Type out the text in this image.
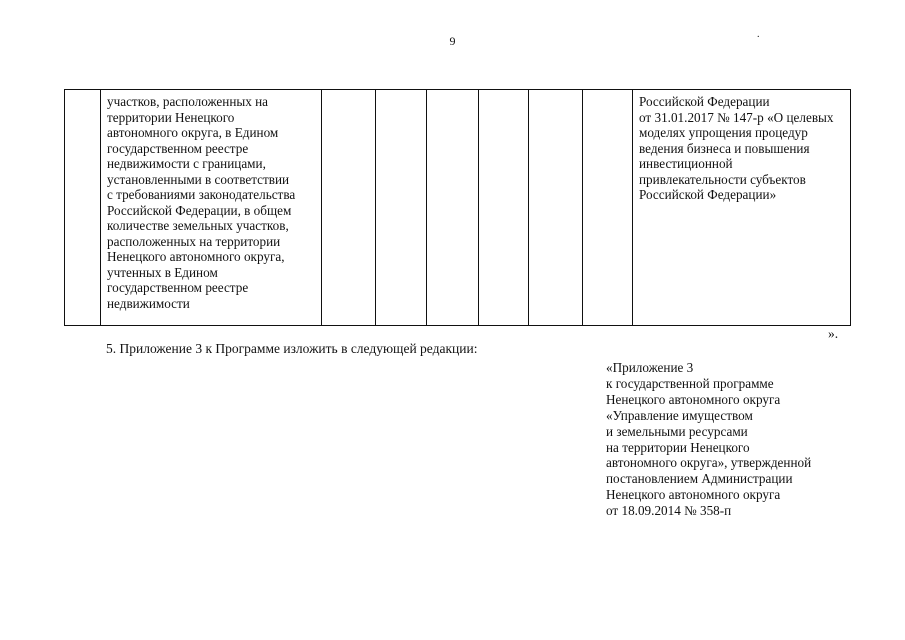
9	.
	участков, расположенных на
территории Ненецкого
автономного округа, в Едином
государственном реестре
недвижимости с границами,
установленными в соответствии
с требованиями законодательства
Российской Федерации, в общем
количестве земельных участков,
расположенных на территории
Ненецкого автономного округа,
учтенных в Едином
государственном реестре
недвижимости							Российской Федерации
от 31.01.2017 № 147-р «О целевых
моделях упрощения процедур
ведения бизнеса и повышения
инвестиционной
привлекательности субъектов
Российской Федерации»
».
5. Приложение 3 к Программе изложить в следующей редакции:
«Приложение 3
к государственной программе
Ненецкого автономного округа
«Управление имуществом
и земельными ресурсами
на территории Ненецкого
автономного округа», утвержденной
постановлением Администрации
Ненецкого автономного округа
от 18.09.2014 № 358-п
